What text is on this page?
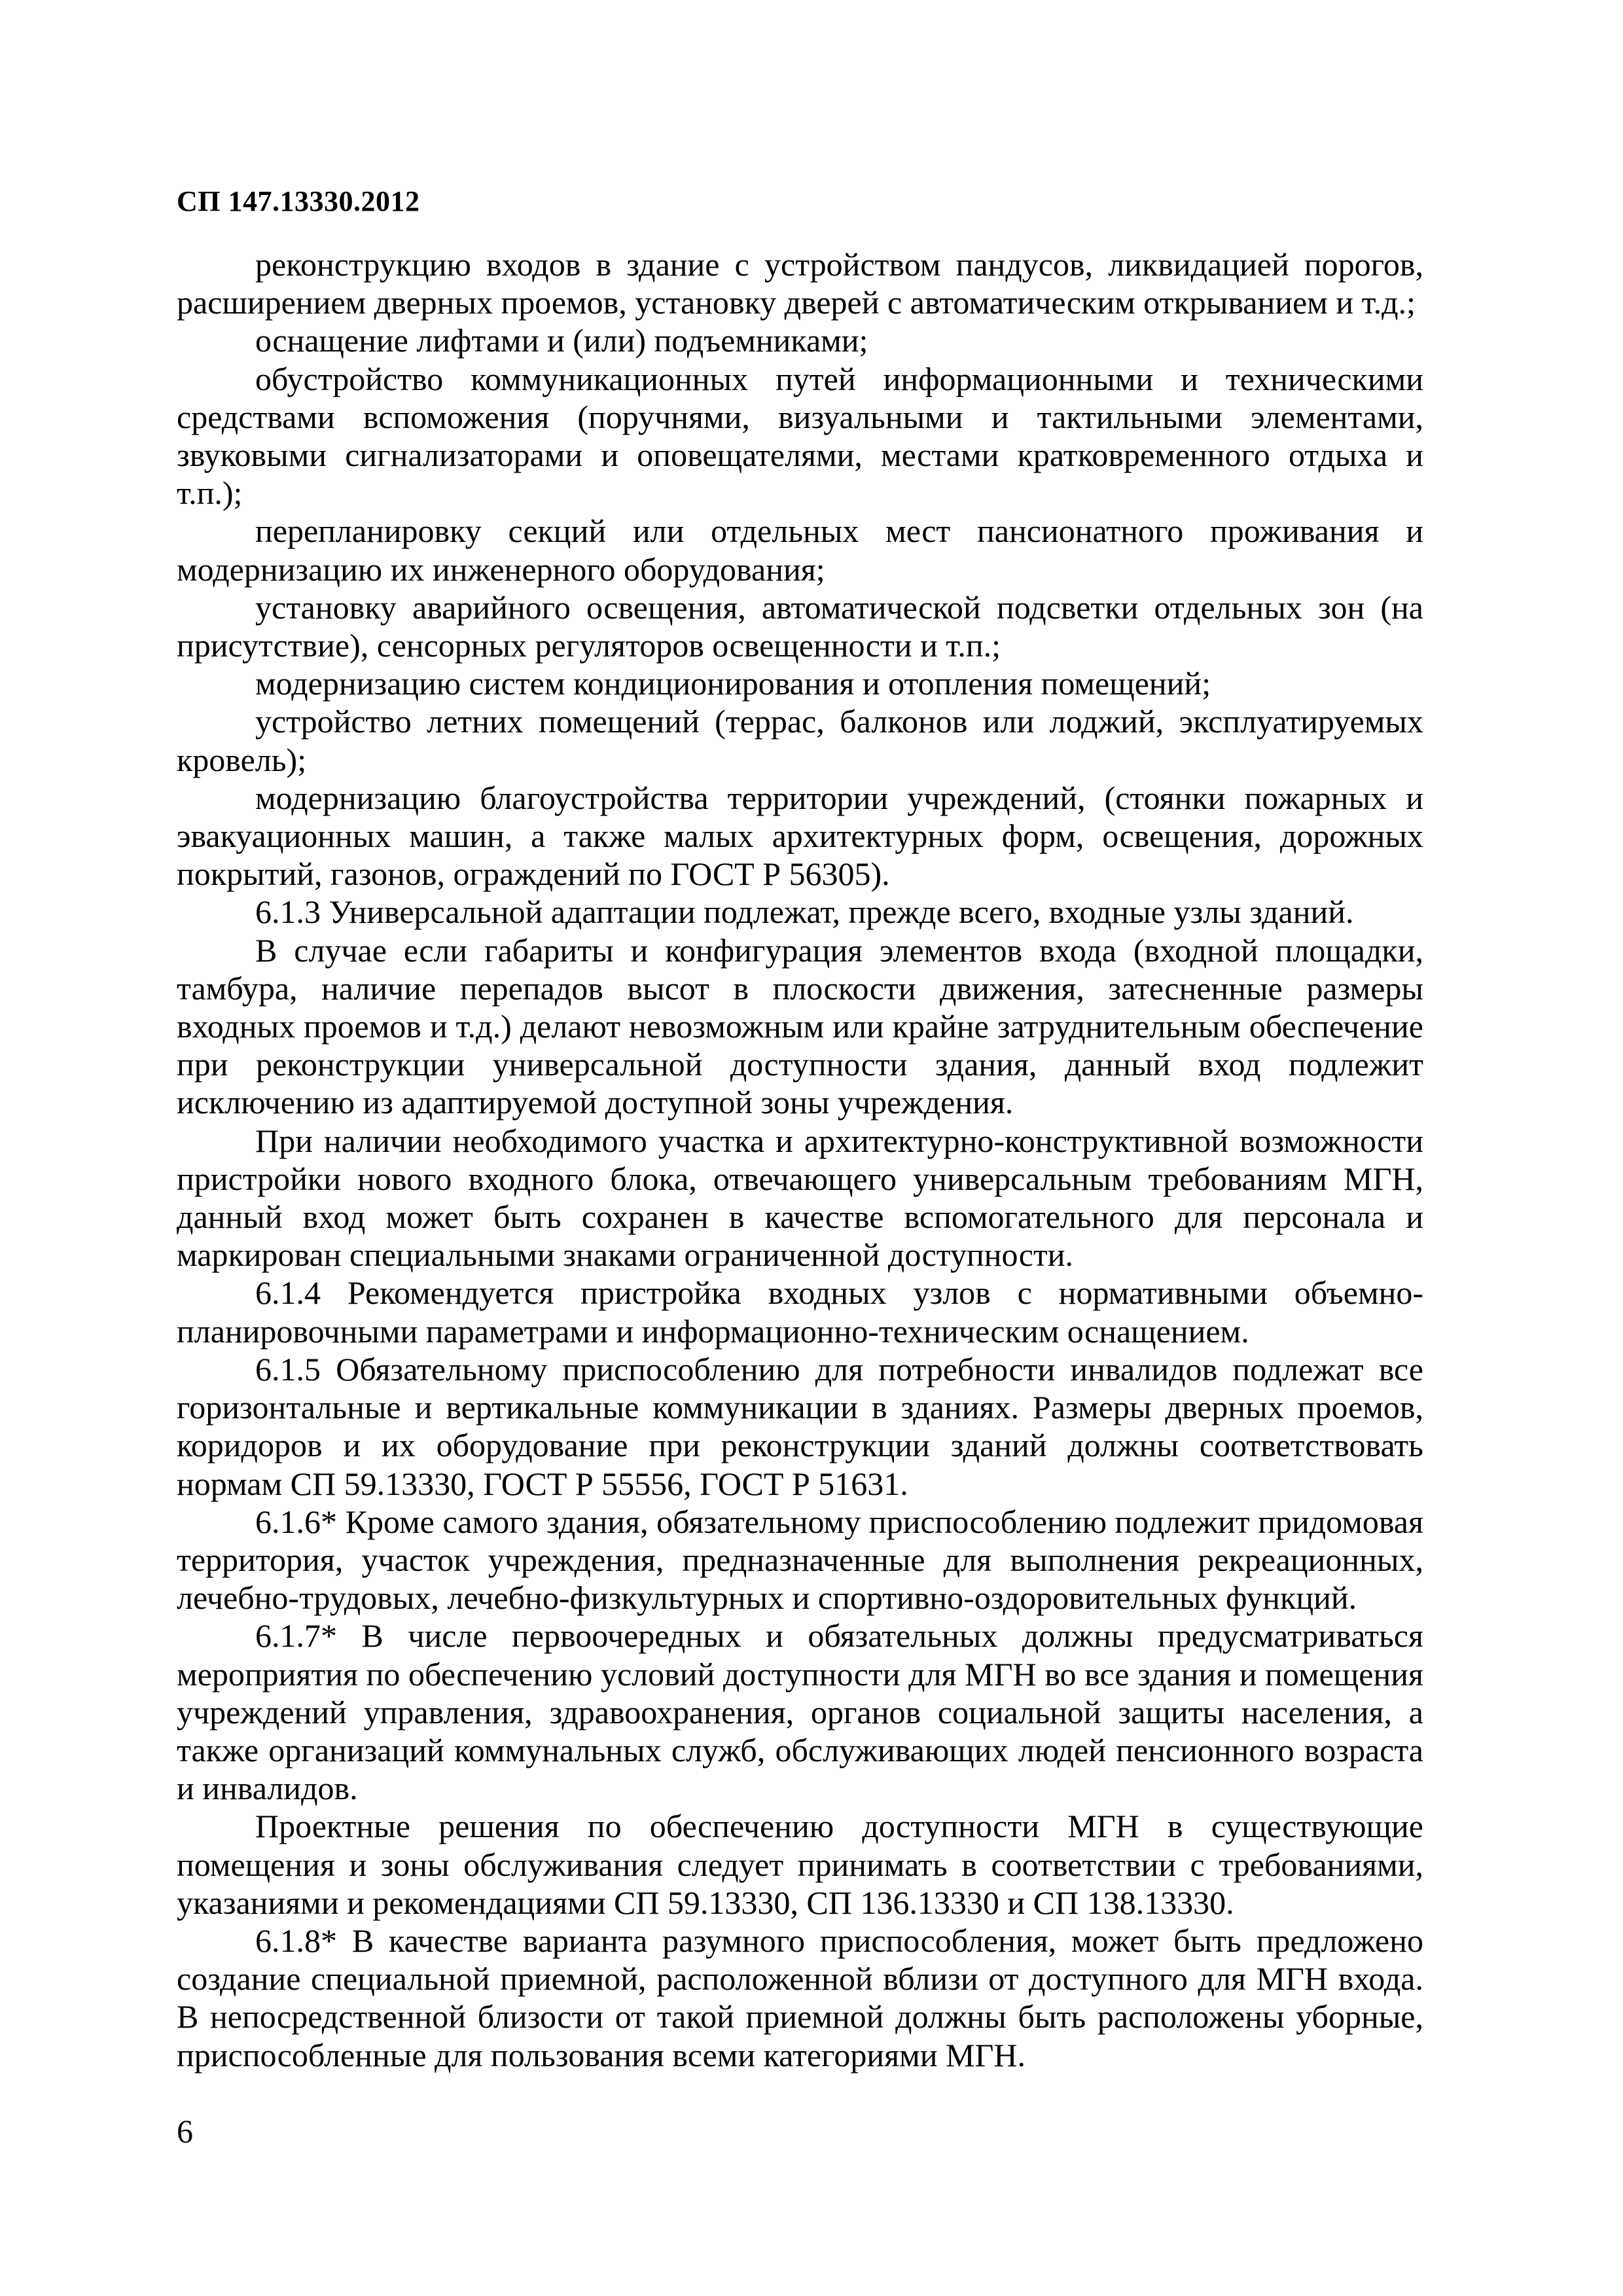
СП 147.13330.2012

реконструкцию входов в здание с устройством пандусов, ликвидацией порогов, расширением дверных проемов, установку дверей с автоматическим открыванием и т.д.;

оснащение лифтами и (или) подъемниками;

обустройство коммуникационных путей информационными и техническими средствами вспоможения (поручнями, визуальными и тактильными элементами, звуковыми сигнализаторами и оповещателями, местами кратковременного отдыха и т.п.);

перепланировку секций или отдельных мест пансионатного проживания и модернизацию их инженерного оборудования;

установку аварийного освещения, автоматической подсветки отдельных зон (на присутствие), сенсорных регуляторов освещенности и т.п.;

модернизацию систем кондиционирования и отопления помещений;

устройство летних помещений (террас, балконов или лоджий, эксплуатируемых кровель);

модернизацию благоустройства территории учреждений, (стоянки пожарных и эвакуационных машин, а также малых архитектурных форм, освещения, дорожных покрытий, газонов, ограждений по ГОСТ Р 56305).

6.1.3 Универсальной адаптации подлежат, прежде всего, входные узлы зданий.

В случае если габариты и конфигурация элементов входа (входной площадки, тамбура, наличие перепадов высот в плоскости движения, затесненные размеры входных проемов и т.д.) делают невозможным или крайне затруднительным обеспечение при реконструкции универсальной доступности здания, данный вход подлежит исключению из адаптируемой доступной зоны учреждения.

При наличии необходимого участка и архитектурно-конструктивной возможности пристройки нового входного блока, отвечающего универсальным требованиям МГН, данный вход может быть сохранен в качестве вспомогательного для персонала и маркирован специальными знаками ограниченной доступности.

6.1.4 Рекомендуется пристройка входных узлов с нормативными объемно-планировочными параметрами и информационно-техническим оснащением.

6.1.5 Обязательному приспособлению для потребности инвалидов подлежат все горизонтальные и вертикальные коммуникации в зданиях. Размеры дверных проемов, коридоров и их оборудование при реконструкции зданий должны соответствовать нормам СП 59.13330, ГОСТ Р 55556, ГОСТ Р 51631.

6.1.6* Кроме самого здания, обязательному приспособлению подлежит придомовая территория, участок учреждения, предназначенные для выполнения рекреационных, лечебно-трудовых, лечебно-физкультурных и спортивно-оздоровительных функций.

6.1.7* В числе первоочередных и обязательных должны предусматриваться мероприятия по обеспечению условий доступности для МГН во все здания и помещения учреждений управления, здравоохранения, органов социальной защиты населения, а также организаций коммунальных служб, обслуживающих людей пенсионного возраста и инвалидов.

Проектные решения по обеспечению доступности МГН в существующие помещения и зоны обслуживания следует принимать в соответствии с требованиями, указаниями и рекомендациями СП 59.13330, СП 136.13330 и СП 138.13330.

6.1.8* В качестве варианта разумного приспособления, может быть предложено создание специальной приемной, расположенной вблизи от доступного для МГН входа. В непосредственной близости от такой приемной должны быть расположены уборные, приспособленные для пользования всеми категориями МГН.

6
